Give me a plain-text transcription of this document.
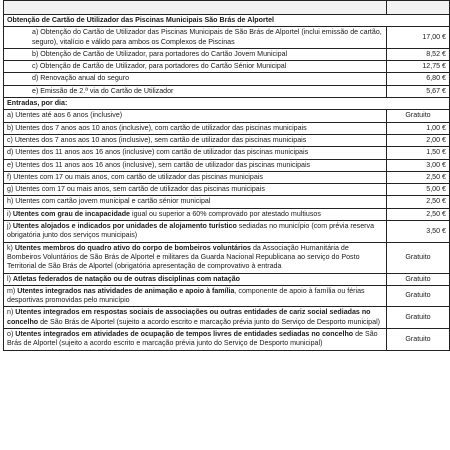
Obtenção de Cartão de Utilizador das Piscinas Municipais São Brás de Alportel	
a) Obtenção do Cartão de Utilizador das Piscinas Municipais de São Brás de Alportel (inclui emissão de cartão, seguro), vitalício e válido para ambos os Complexos de Piscinas	17,00 €
b) Obtenção de Cartão de Utilizador, para portadores do Cartão Jovem Municipal	8,52 €
c) Obtenção de Cartão de Utilizador, para portadores do Cartão Sénior Municipal	12,75 €
d) Renovação anual do seguro	6,80 €
e) Emissão de 2.ª via do Cartão de Utilizador	5,67 €
Entradas, por dia:	
a) Utentes até aos 6 anos (inclusive)	Gratuito
b) Utentes dos 7 anos aos 10 anos (inclusive), com cartão de utilizador das piscinas municipais	1,00 €
c) Utentes dos 7 anos aos 10 anos (inclusive), sem cartão de utilizador das piscinas municipais	2,00 €
d) Utentes dos 11 anos aos 16 anos (inclusive) com cartão de utilizador das piscinas municipais	1,50 €
e) Utentes dos 11 anos aos 16 anos (inclusive), sem cartão de utilizador das piscinas municipais	3,00 €
f) Utentes com 17 ou mais anos, com cartão de utilizador das piscinas municipais	2,50 €
g) Utentes com 17 ou mais anos, sem cartão de utilizador das piscinas municipais	5,00 €
h) Utentes com cartão jovem municipal e cartão sénior municipal	2,50 €
i) Utentes com grau de incapacidade igual ou superior a 60% comprovado por atestado multiusos	2,50 €
j) Utentes alojados e indicados por unidades de alojamento turístico sediadas no município (com prévia reserva obrigatória junto dos serviços municipais)	3,50 €
k) Utentes membros do quadro ativo do corpo de bombeiros voluntários da Associação Humanitária de Bombeiros Voluntários de São Brás de Alportel e militares da Guarda Nacional Republicana ao serviço do Posto Territorial de São Brás de Alportel (obrigatória apresentação de comprovativo à entrada	Gratuito
l) Atletas federados de natação ou de outras disciplinas com natação	Gratuito
m) Utentes integrados nas atividades de animação e apoio à família, componente de apoio à família ou férias desportivas promovidas pelo município	Gratuito
n) Utentes integrados em respostas sociais de associações ou outras entidades de cariz social sediadas no concelho de São Brás de Alportel (sujeito a acordo escrito e marcação prévia junto do Serviço de Desporto municipal)	Gratuito
o) Utentes integrados em atividades de ocupação de tempos livres de entidades sediadas no concelho de São Brás de Alportel (sujeito a acordo escrito e marcação prévia junto do Serviço de Desporto municipal)	Gratuito
